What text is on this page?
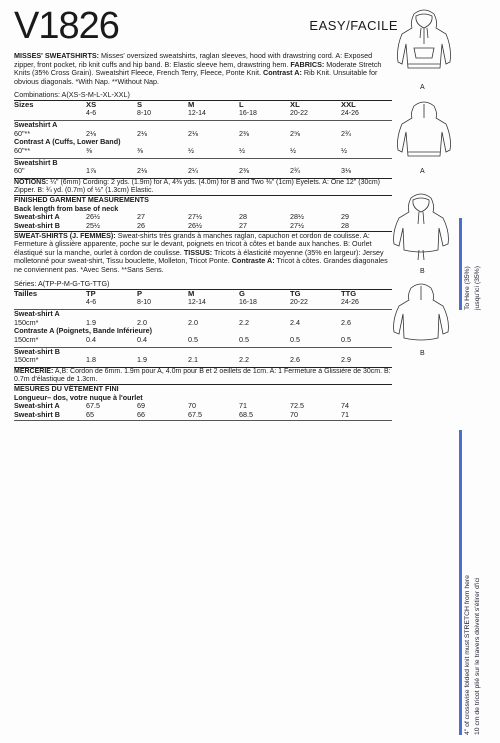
V1826	EASY/FACILE
MISSES' SWEATSHIRTS: Misses' oversized sweatshirts, raglan sleeves, hood with drawstring cord. A: Exposed zipper, front pocket, rib knit cuffs and hip band. B: Elastic sleeve hem, drawstring hem. FABRICS: Moderate Stretch Knits (35% Cross Grain). Sweatshirt Fleece, French Terry, Fleece, Ponte Knit. Contrast A: Rib Knit. Unsuitable for obvious diagonals. *With Nap. **Without Nap.
Combinations: A(XS-S-M-L-XL-XXL)
Sizes	XS	S	M	L	XL	XXL
4-6	8-10	12-14	16-18	20-22	24-26
Sweatshirt A
60"**	2⅛	2⅛	2⅛	2⅜	2⅝	2¾
Contrast A (Cuffs, Lower Band)
60"**	⅜	⅜	½	½	½	½
Sweatshirt B
60"	1⅞	2⅛	2¼	2⅜	2¾	3⅛
NOTIONS: ¼" (6mm) Cording: 2 yds. (1.9m) for A, 4⅜ yds. (4.0m) for B and Two ⅜" (1cm) Eyelets. A: One 12" (30cm) Zipper. B: ¾ yd. (0.7m) of ½" (1.3cm) Elastic.
FINISHED GARMENT MEASUREMENTS
Back length from base of neck
Sweat-shirt A	26½	27	27½	28	28½	29
Sweat-shirt B	25½	26	26½	27	27½	28
SWEAT-SHIRTS (J. FEMMES): Sweat-shirts très grands à manches raglan, capuchon et cordon de coulisse. A: Fermeture à glissière apparente, poche sur le devant, poignets en tricot à côtes et bande aux hanches. B: Ourlet élastiqué sur la manche, ourlet à cordon de coulisse. TISSUS: Tricots à élasticité moyenne (35% en largeur): Jersey molletonné pour sweat-shirt, Tissu bouclette, Molleton, Tricot Ponte. Contraste A: Tricot à côtes. Grandes diagonales ne conviennent pas. *Avec Sens. **Sans Sens.
Séries: A(TP-P-M-G-TG-TTG)
Tailles	TP	P	M	G	TG	TTG
4-6	8-10	12-14	16-18	20-22	24-26
Sweat-shirt A
150cm*	1.9	2.0	2.0	2.2	2.4	2.6
Contraste A (Poignets, Bande Inférieure)
150cm*	0.4	0.4	0.5	0.5	0.5	0.5
Sweat-shirt B
150cm*	1.8	1.9	2.1	2.2	2.6	2.9
MERCERIE: A,B: Cordon de 6mm. 1.9m pour A, 4.0m pour B et 2 oeillets de 1cm. A: 1 Fermeture à Glissière de 30cm. B: 0.7m d'élastique de 1.3cm.
MESURES DU VÊTEMENT FINI
Longueur– dos, votre nuque à l'ourlet
Sweat-shirt A	67.5	69	70	71	72.5	74
Sweat-shirt B	65	66	67.5	68.5	70	71
A
A
B
B
To Here (35%) jusqu'ici (35%)
4" of crosswise folded knit must STRETCH from here 10 cm de tricot plié sur le travers doivent s'étirer d'ici
